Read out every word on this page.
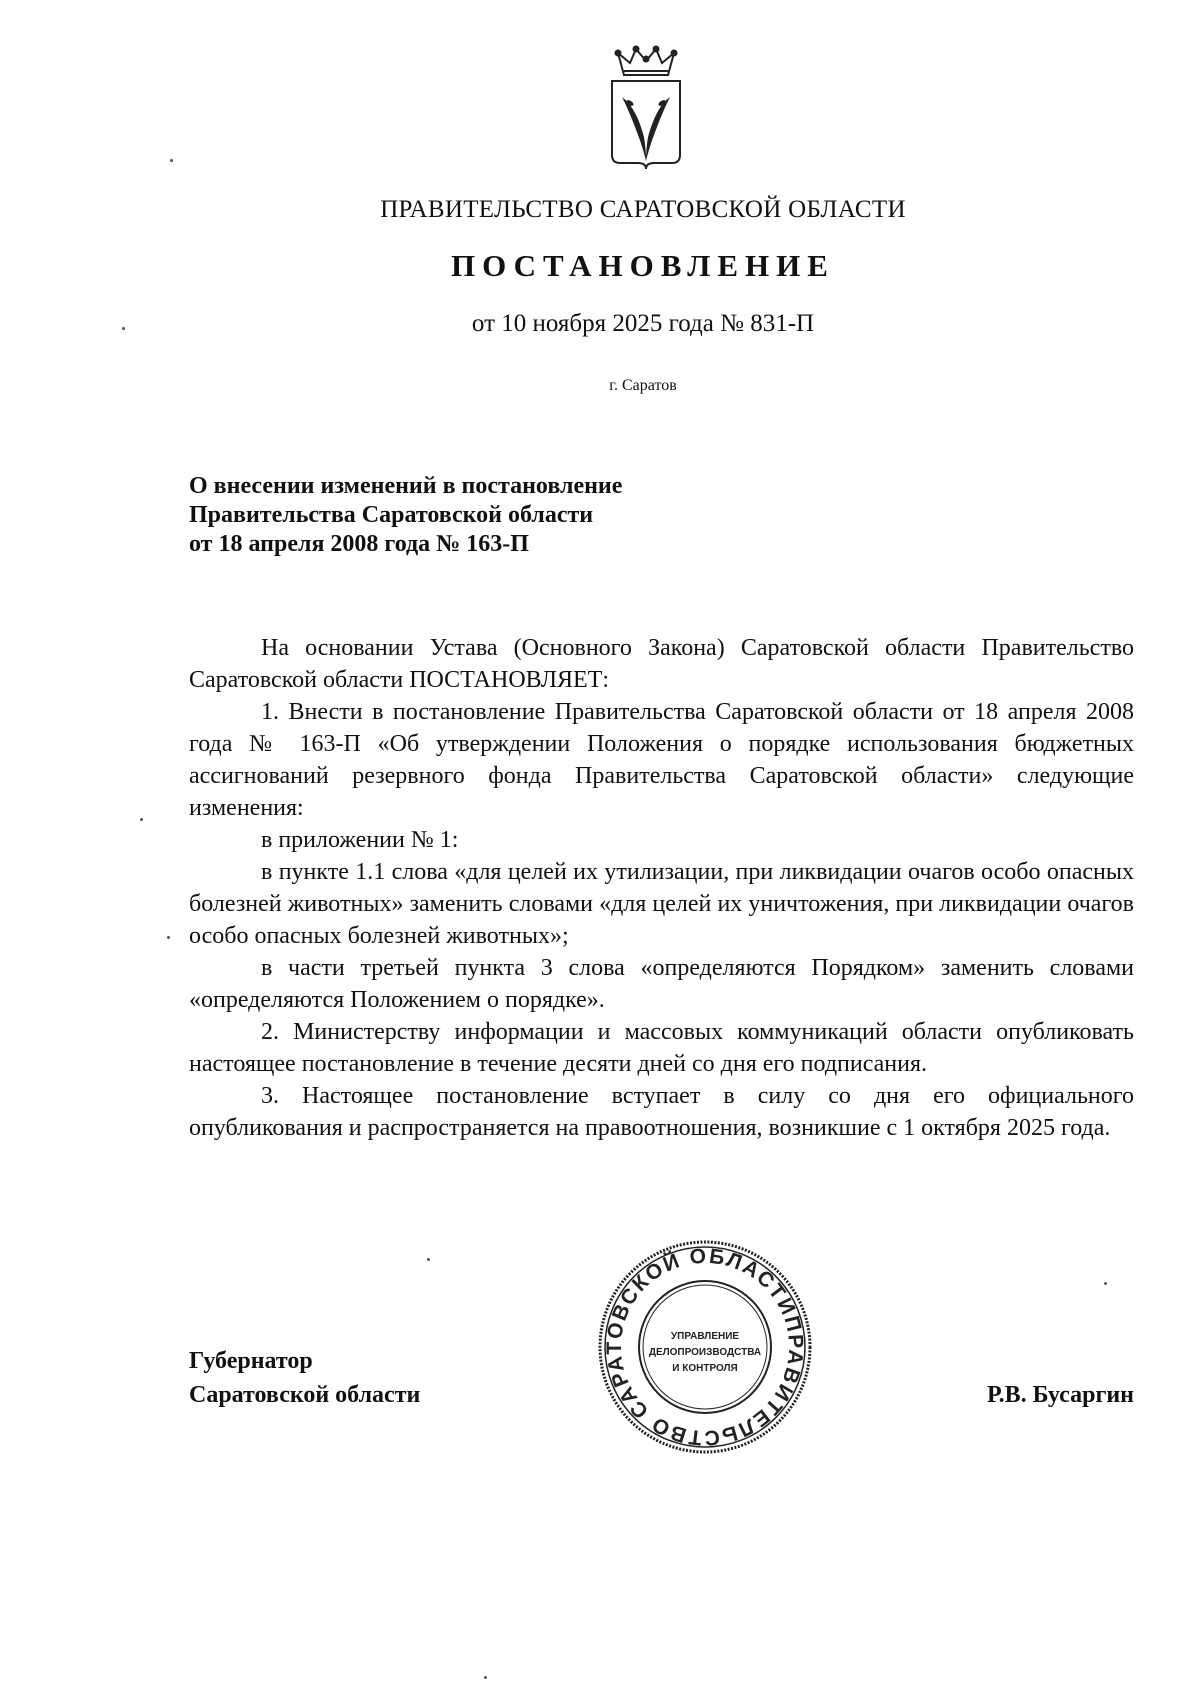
ПРАВИТЕЛЬСТВО САРАТОВСКОЙ ОБЛАСТИ
ПОСТАНОВЛЕНИЕ
от 10 ноября 2025 года № 831-П
г. Саратов
О внесении изменений в постановление
Правительства Саратовской области
от 18 апреля 2008 года № 163-П

На основании Устава (Основного Закона) Саратовской области Правительство Саратовской области ПОСТАНОВЛЯЕТ:

1. Внести в постановление Правительства Саратовской области от 18 апреля 2008 года № 163-П «Об утверждении Положения о порядке использования бюджетных ассигнований резервного фонда Правительства Саратовской области» следующие изменения:

в приложении № 1:

в пункте 1.1 слова «для целей их утилизации, при ликвидации очагов особо опасных болезней животных» заменить словами «для целей их уничтожения, при ликвидации очагов особо опасных болезней животных»;

в части третьей пункта 3 слова «определяются Порядком» заменить словами «определяются Положением о порядке».

2. Министерству информации и массовых коммуникаций области опубликовать настоящее постановление в течение десяти дней со дня его подписания.

3. Настоящее постановление вступает в силу со дня его официального опубликования и распространяется на правоотношения, возникшие с 1 октября 2025 года.

ПРАВИТЕЛЬСТВО САРАТОВСКОЙ ОБЛАСТИ
УПРАВЛЕНИЕ
ДЕЛОПРОИЗВОДСТВА
И КОНТРОЛЯ
Губернатор
Саратовской области	Р.В. Бусаргин
